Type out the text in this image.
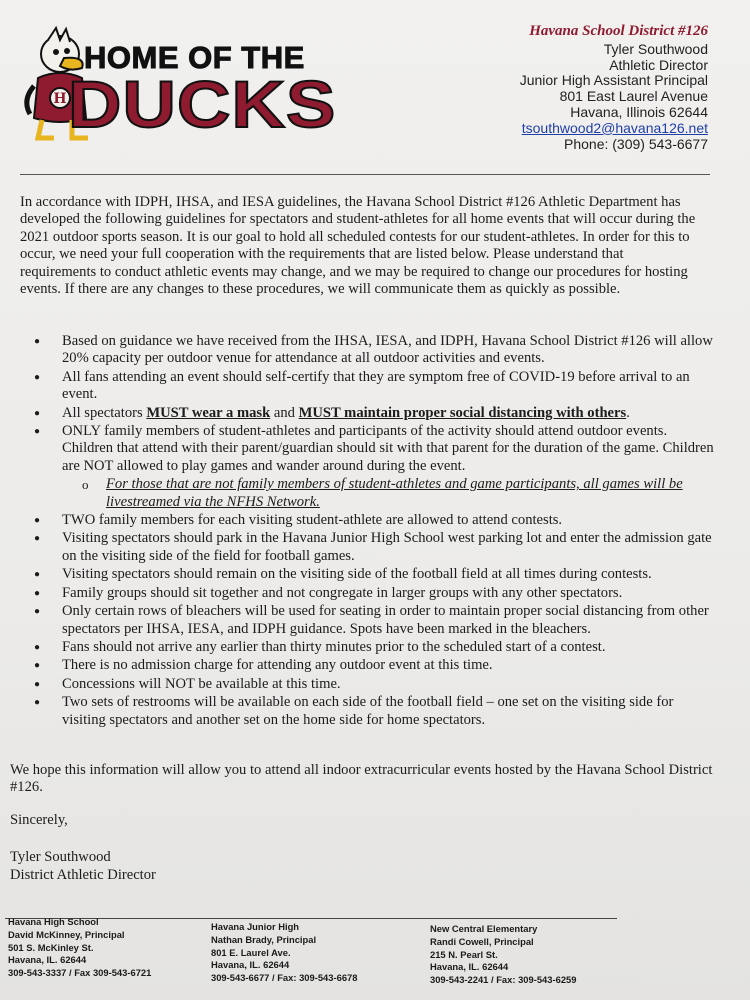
H
HOME OF THE
DUCKS
Havana School District #126
Tyler Southwood
Athletic Director
Junior High Assistant Principal
801 East Laurel Avenue
Havana, Illinois 62644
tsouthwood2@havana126.net
Phone: (309) 543-6677

In accordance with IDPH, IHSA, and IESA guidelines, the Havana School District #126 Athletic Department has developed the following guidelines for spectators and student-athletes for all home events that will occur during the 2021 outdoor sports season. It is our goal to hold all scheduled contests for our student-athletes. In order for this to occur, we need your full cooperation with the requirements that are listed below. Please understand that requirements to conduct athletic events may change, and we may be required to change our procedures for hosting events. If there are any changes to these procedures, we will communicate them as quickly as possible.

● Based on guidance we have received from the IHSA, IESA, and IDPH, Havana School District #126 will allow 20% capacity per outdoor venue for attendance at all outdoor activities and events.
● All fans attending an event should self-certify that they are symptom free of COVID-19 before arrival to an event.
● All spectators MUST wear a mask and MUST maintain proper social distancing with others.
● ONLY family members of student-athletes and participants of the activity should attend outdoor events. Children that attend with their parent/guardian should sit with that parent for the duration of the game. Children are NOT allowed to play games and wander around during the event.
o For those that are not family members of student-athletes and game participants, all games will be livestreamed via the NFHS Network.
● TWO family members for each visiting student-athlete are allowed to attend contests.
● Visiting spectators should park in the Havana Junior High School west parking lot and enter the admission gate on the visiting side of the field for football games.
● Visiting spectators should remain on the visiting side of the football field at all times during contests.
● Family groups should sit together and not congregate in larger groups with any other spectators.
● Only certain rows of bleachers will be used for seating in order to maintain proper social distancing from other spectators per IHSA, IESA, and IDPH guidance. Spots have been marked in the bleachers.
● Fans should not arrive any earlier than thirty minutes prior to the scheduled start of a contest.
● There is no admission charge for attending any outdoor event at this time.
● Concessions will NOT be available at this time.
● Two sets of restrooms will be available on each side of the football field – one set on the visiting side for visiting spectators and another set on the home side for home spectators.

We hope this information will allow you to attend all indoor extracurricular events hosted by the Havana School District #126.

Sincerely,
Tyler Southwood
District Athletic Director
Havana High School
David McKinney, Principal
501 S. McKinley St.
Havana, IL. 62644
309-543-3337 / Fax 309-543-6721
Havana Junior High
Nathan Brady, Principal
801 E. Laurel Ave.
Havana, IL. 62644
309-543-6677 / Fax: 309-543-6678
New Central Elementary
Randi Cowell, Principal
215 N. Pearl St.
Havana, IL. 62644
309-543-2241 / Fax: 309-543-6259
